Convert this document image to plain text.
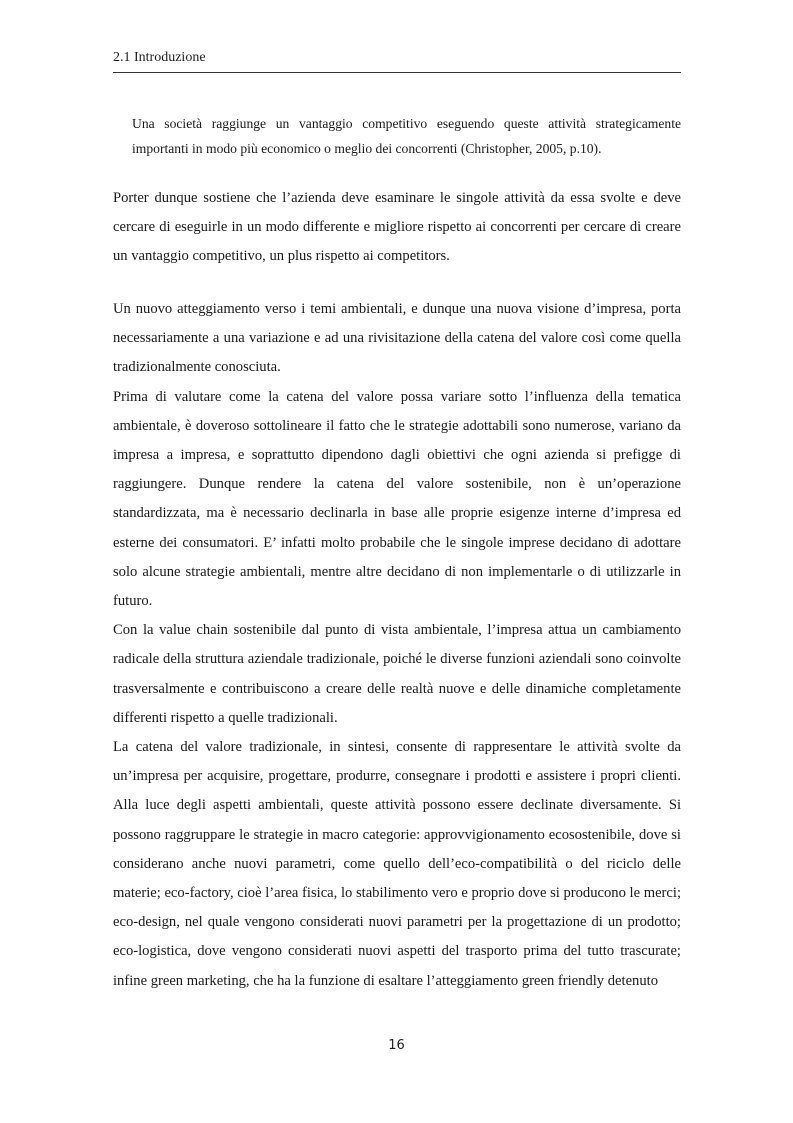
2.1 Introduzione

Una società raggiunge un vantaggio competitivo eseguendo queste attività strategicamente importanti in modo più economico o meglio dei concorrenti (Christopher, 2005, p.10).

Porter dunque sostiene che l’azienda deve esaminare le singole attività da essa svolte e deve cercare di eseguirle in un modo differente e migliore rispetto ai concorrenti per cercare di creare un vantaggio competitivo, un plus rispetto ai competitors.

Un nuovo atteggiamento verso i temi ambientali, e dunque una nuova visione d’impresa, porta necessariamente a una variazione e ad una rivisitazione della catena del valore così come quella tradizionalmente conosciuta.
Prima di valutare come la catena del valore possa variare sotto l’influenza della tematica ambientale, è doveroso sottolineare il fatto che le strategie adottabili sono numerose, variano da impresa a impresa, e soprattutto dipendono dagli obiettivi che ogni azienda si prefigge di raggiungere. Dunque rendere la catena del valore sostenibile, non è un’operazione standardizzata, ma è necessario declinarla in base alle proprie esigenze interne d’impresa ed esterne dei consumatori. E’ infatti molto probabile che le singole imprese decidano di adottare solo alcune strategie ambientali, mentre altre decidano di non implementarle o di utilizzarle in futuro.
Con la value chain sostenibile dal punto di vista ambientale, l’impresa attua un cambiamento radicale della struttura aziendale tradizionale, poiché le diverse funzioni aziendali sono coinvolte trasversalmente e contribuiscono a creare delle realtà nuove e delle dinamiche completamente differenti rispetto a quelle tradizionali.
La catena del valore tradizionale, in sintesi, consente di rappresentare le attività svolte da un’impresa per acquisire, progettare, produrre, consegnare i prodotti e assistere i propri clienti. Alla luce degli aspetti ambientali, queste attività possono essere declinate diversamente. Si possono raggruppare le strategie in macro categorie: approvvigionamento ecosostenibile, dove si considerano anche nuovi parametri, come quello dell’eco-compatibilità o del riciclo delle materie; eco-factory, cioè l’area fisica, lo stabilimento vero e proprio dove si producono le merci; eco-design, nel quale vengono considerati nuovi parametri per la progettazione di un prodotto; eco-logistica, dove vengono considerati nuovi aspetti del trasporto prima del tutto trascurate; infine green marketing, che ha la funzione di esaltare l’atteggiamento green friendly detenuto
16
